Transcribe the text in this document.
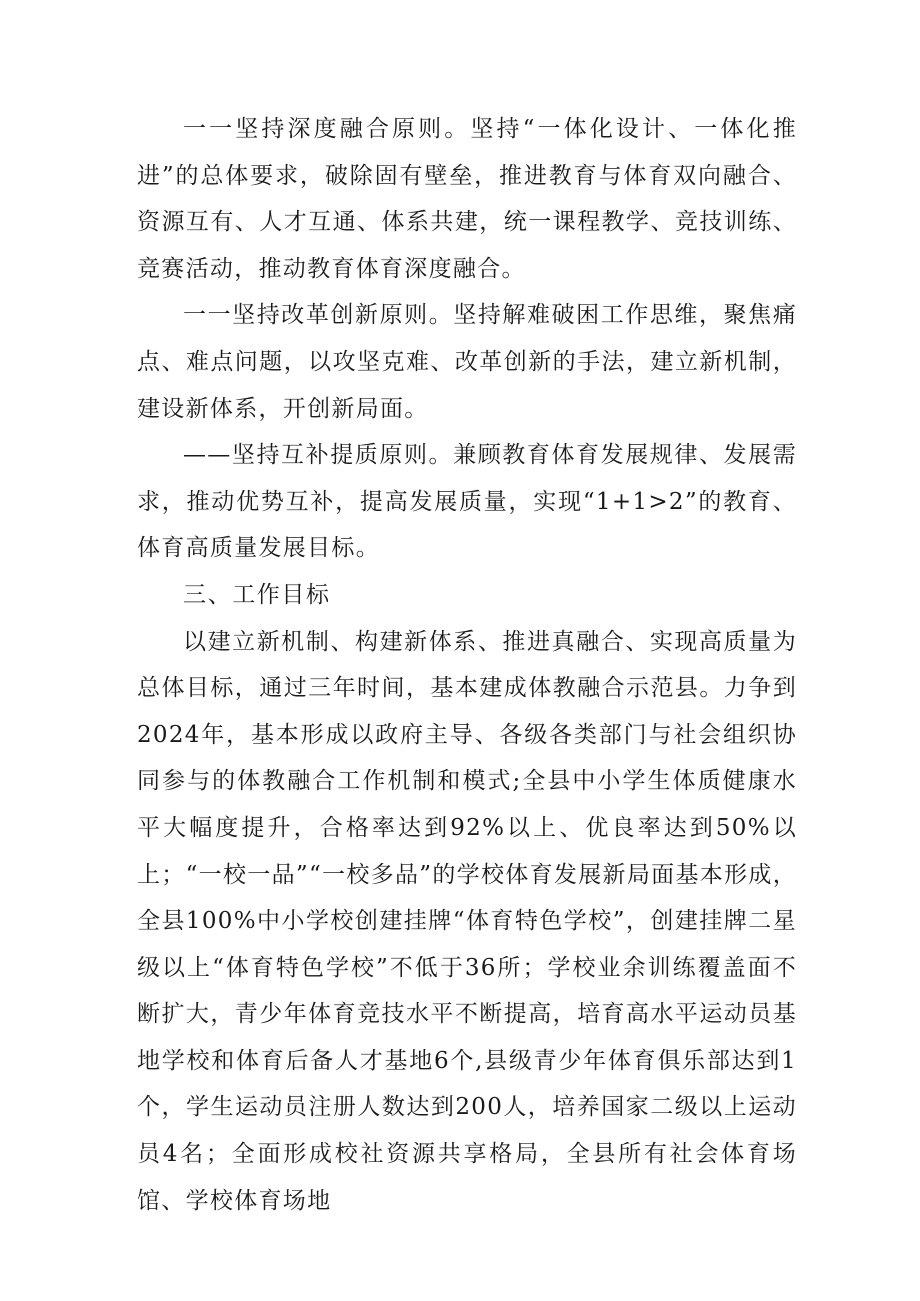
一一坚持深度融合原则。坚持“一体化设计、一体化推进”的总体要求，破除固有壁垒，推进教育与体育双向融合、资源互有、人才互通、体系共建，统一课程教学、竞技训练、竞赛活动，推动教育体育深度融合。

一一坚持改革创新原则。坚持解难破困工作思维，聚焦痛点、难点问题，以攻坚克难、改革创新的手法，建立新机制，建设新体系，开创新局面。

——坚持互补提质原则。兼顾教育体育发展规律、发展需求，推动优势互补，提高发展质量，实现“1+1>2”的教育、体育高质量发展目标。

三、工作目标

以建立新机制、构建新体系、推进真融合、实现高质量为总体目标，通过三年时间，基本建成体教融合示范县。力争到2024年，基本形成以政府主导、各级各类部门与社会组织协同参与的体教融合工作机制和模式;全县中小学生体质健康水平大幅度提升，合格率达到92%以上、优良率达到50%以上；“一校一品”“一校多品”的学校体育发展新局面基本形成，全县100%中小学校创建挂牌“体育特色学校”，创建挂牌二星级以上“体育特色学校”不低于36所；学校业余训练覆盖面不断扩大，青少年体育竞技水平不断提高，培育高水平运动员基地学校和体育后备人才基地6个,县级青少年体育俱乐部达到1个，学生运动员注册人数达到200人，培养国家二级以上运动员4名；全面形成校社资源共享格局，全县所有社会体育场馆、学校体育场地
